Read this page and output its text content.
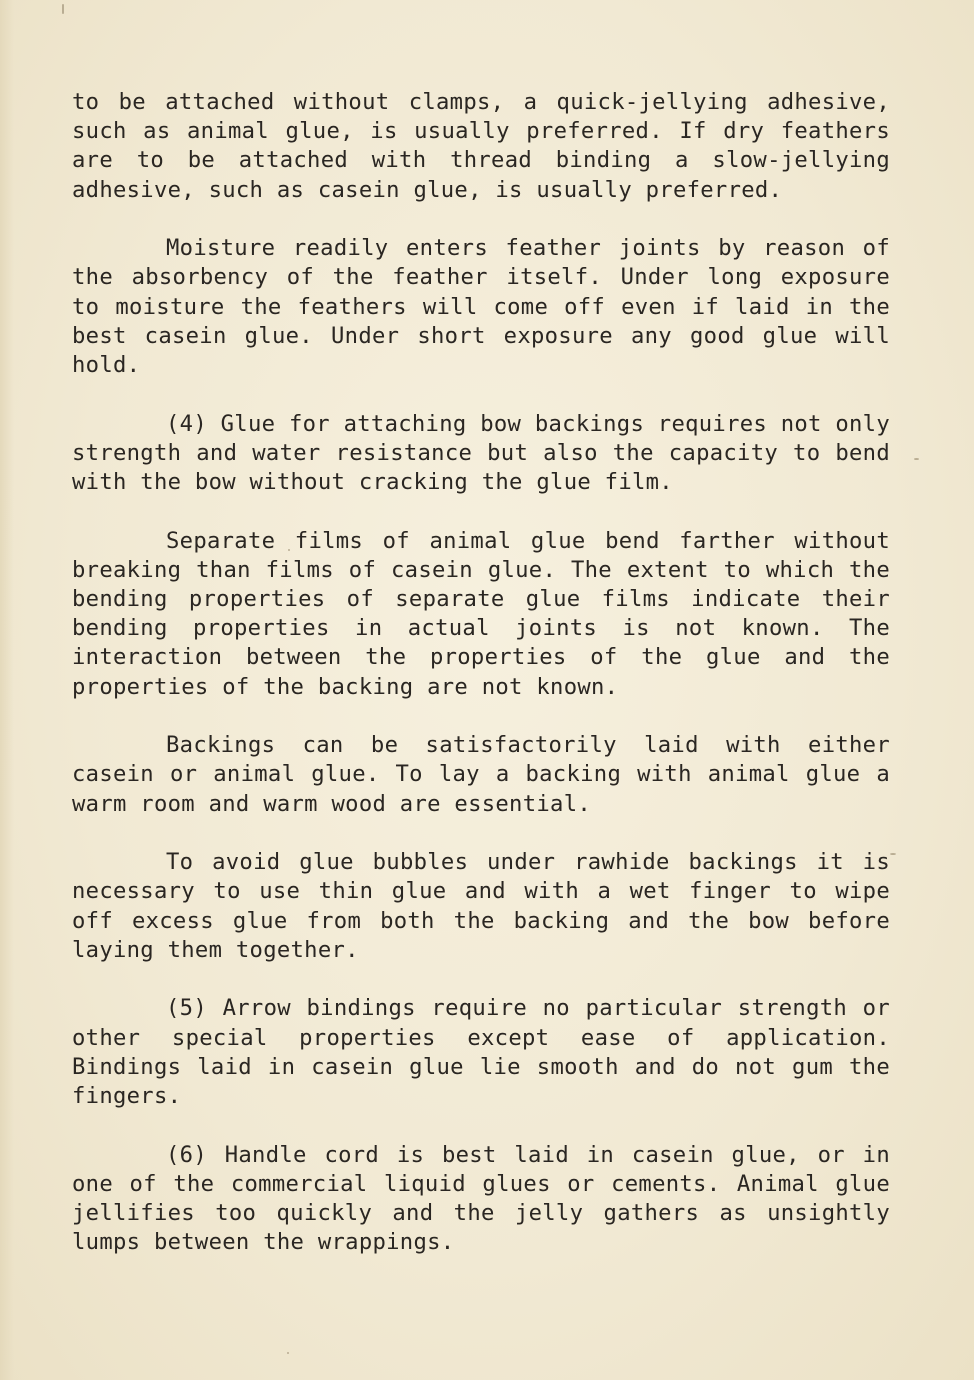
to be attached without clamps, a quick-jellying adhesive, such as animal glue, is usually preferred. If dry feathers are to be attached with thread binding a slow-jellying adhesive, such as casein glue, is usually preferred.

Moisture readily enters feather joints by reason of the absorbency of the feather itself. Under long exposure to moisture the feathers will come off even if laid in the best casein glue. Under short exposure any good glue will hold.

(4) Glue for attaching bow backings requires not only strength and water resistance but also the capacity to bend with the bow without cracking the glue film.

Separate films of animal glue bend farther without breaking than films of casein glue. The extent to which the bending properties of separate glue films indicate their bending properties in actual joints is not known. The interaction between the properties of the glue and the properties of the backing are not known.

Backings can be satisfactorily laid with either casein or animal glue. To lay a backing with animal glue a warm room and warm wood are essential.

To avoid glue bubbles under rawhide backings it is necessary to use thin glue and with a wet finger to wipe off excess glue from both the backing and the bow before laying them together.

(5) Arrow bindings require no particular strength or other special properties except ease of application. Bindings laid in casein glue lie smooth and do not gum the fingers.

(6) Handle cord is best laid in casein glue, or in one of the commercial liquid glues or cements. Animal glue jellifies too quickly and the jelly gathers as unsightly lumps between the wrappings.
